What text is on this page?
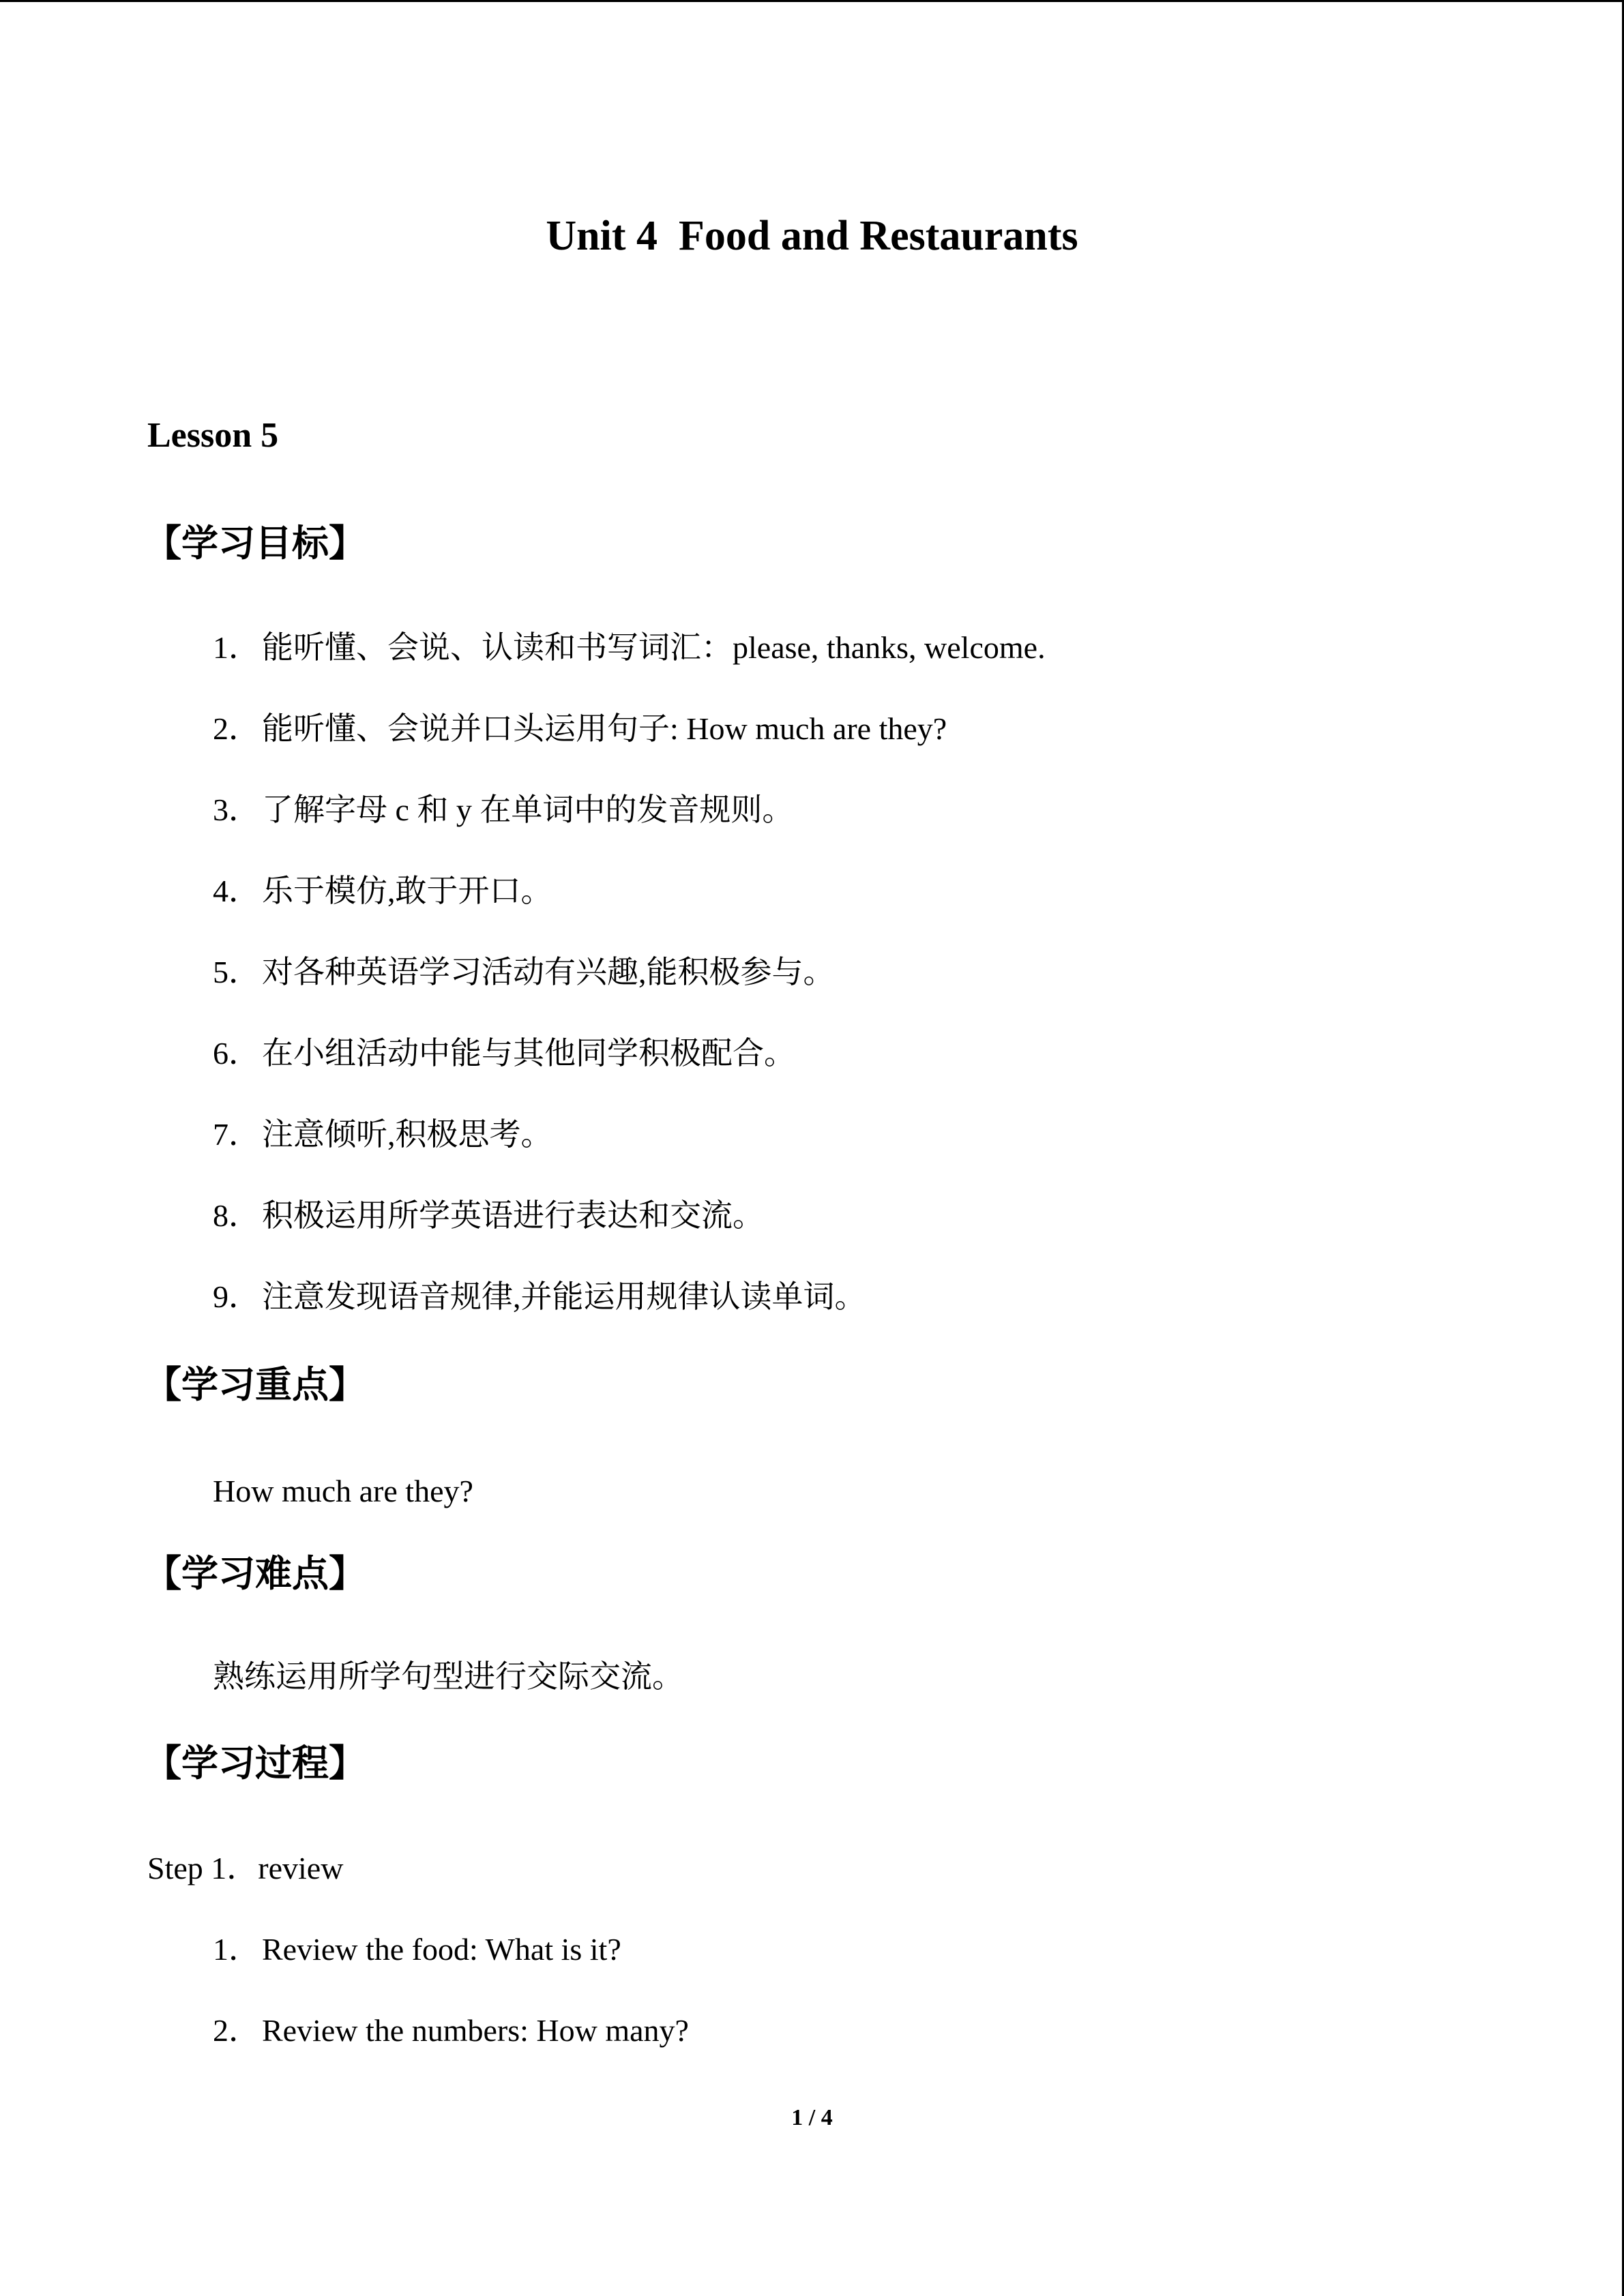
Unit 4  Food and Restaurants
Lesson 5
【学习目标】
1．能听懂、会说、认读和书写词汇：please, thanks, welcome.
2．能听懂、会说并口头运用句子: How much are they?
3．了解字母 c 和 y 在单词中的发音规则。
4．乐于模仿,敢于开口。
5．对各种英语学习活动有兴趣,能积极参与。
6．在小组活动中能与其他同学积极配合。
7．注意倾听,积极思考。
8．积极运用所学英语进行表达和交流。
9．注意发现语音规律,并能运用规律认读单词。
【学习重点】
How much are they?
【学习难点】
熟练运用所学句型进行交际交流。
【学习过程】
Step 1．review
1．Review the food: What is it?
2．Review the numbers: How many?
1 / 4
